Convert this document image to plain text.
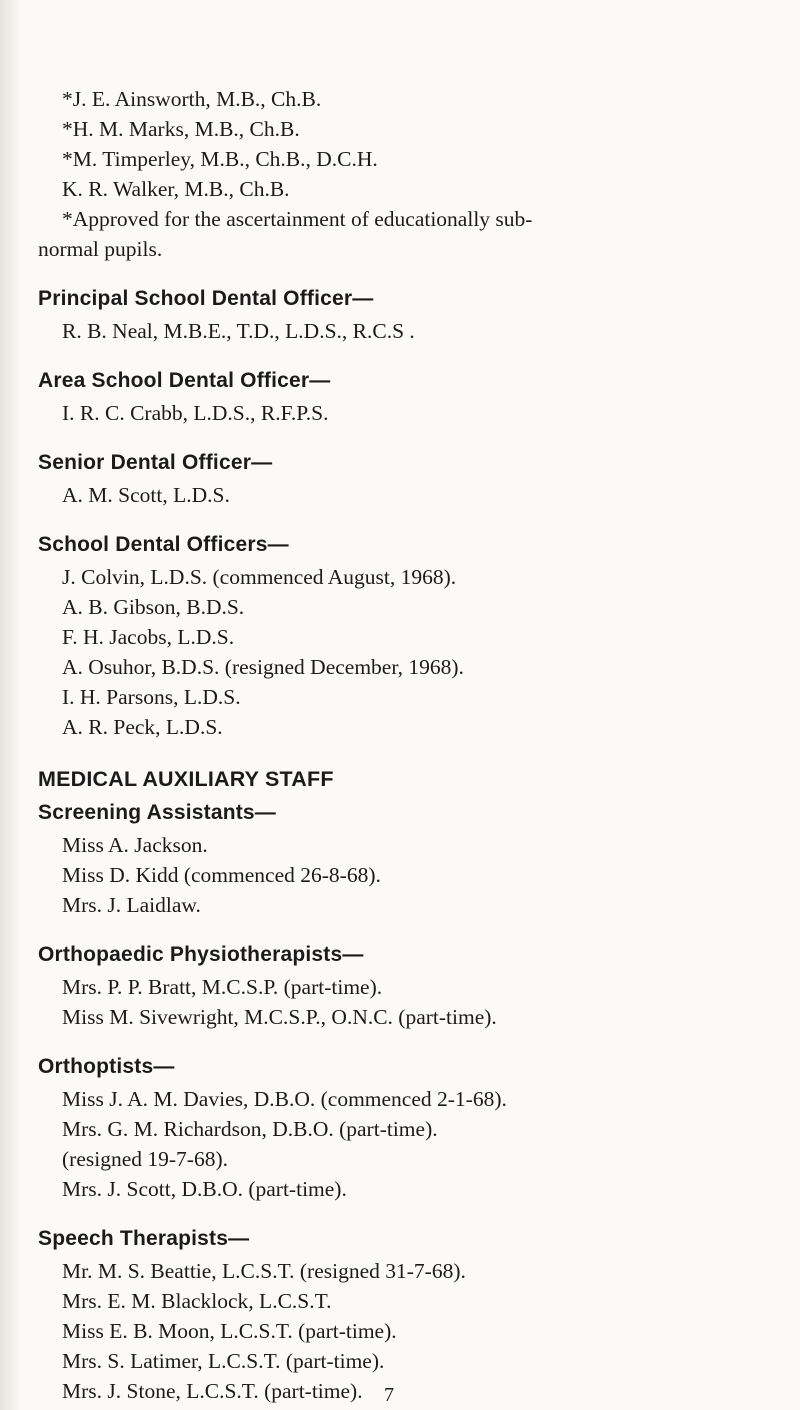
*J. E. Ainsworth, M.B., Ch.B.
*H. M. Marks, M.B., Ch.B.
*M. Timperley, M.B., Ch.B., D.C.H.
K. R. Walker, M.B., Ch.B.
*Approved for the ascertainment of educationally sub-
normal pupils.
Principal School Dental Officer—
R. B. Neal, M.B.E., T.D., L.D.S., R.C.S .
Area School Dental Officer—
I. R. C. Crabb, L.D.S., R.F.P.S.
Senior Dental Officer—
A. M. Scott, L.D.S.
School Dental Officers—
J. Colvin, L.D.S. (commenced August, 1968).
A. B. Gibson, B.D.S.
F. H. Jacobs, L.D.S.
A. Osuhor, B.D.S. (resigned December, 1968).
I. H. Parsons, L.D.S.
A. R. Peck, L.D.S.
MEDICAL AUXILIARY STAFF
Screening Assistants—
Miss A. Jackson.
Miss D. Kidd (commenced 26-8-68).
Mrs. J. Laidlaw.
Orthopaedic Physiotherapists—
Mrs. P. P. Bratt, M.C.S.P. (part-time).
Miss M. Sivewright, M.C.S.P., O.N.C. (part-time).
Orthoptists—
Miss J. A. M. Davies, D.B.O. (commenced 2-1-68).
Mrs. G. M. Richardson, D.B.O. (part-time).
(resigned 19-7-68).
Mrs. J. Scott, D.B.O. (part-time).
Speech Therapists—
Mr. M. S. Beattie, L.C.S.T. (resigned 31-7-68).
Mrs. E. M. Blacklock, L.C.S.T.
Miss E. B. Moon, L.C.S.T. (part-time).
Mrs. S. Latimer, L.C.S.T. (part-time).
Mrs. J. Stone, L.C.S.T. (part-time). 7
